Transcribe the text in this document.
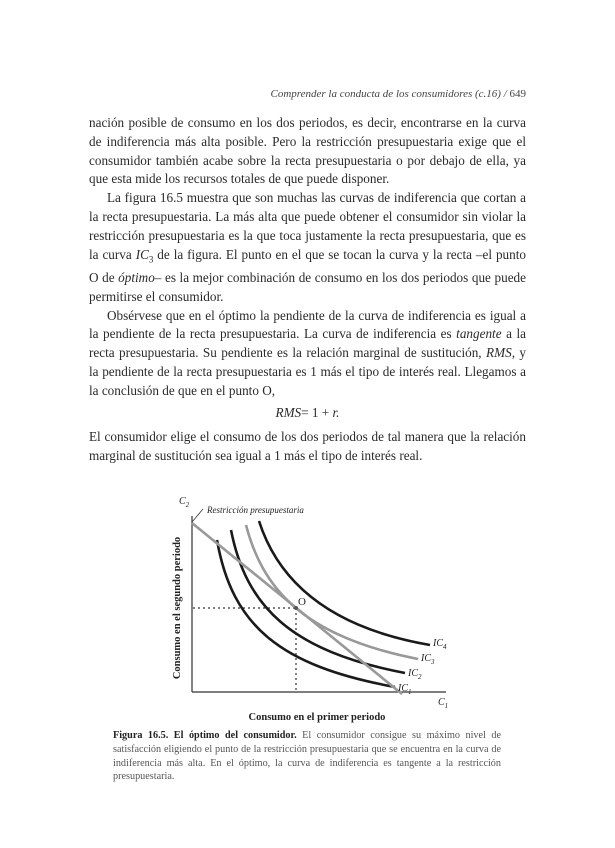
Comprender la conducta de los consumidores (c.16) / 649

nación posible de consumo en los dos periodos, es decir, encontrarse en la curva de indiferencia más alta posible. Pero la restricción presupuestaria exige que el consumidor también acabe sobre la recta presupuestaria o por debajo de ella, ya que esta mide los recursos totales de que puede disponer.

La figura 16.5 muestra que son muchas las curvas de indiferencia que cortan a la recta presupuestaria. La más alta que puede obtener el consumidor sin violar la restricción presupuestaria es la que toca justamente la recta presupuestaria, que es la curva $IC_3$ de la figura. El punto en el que se tocan la curva y la recta –el punto O de óptimo– es la mejor combinación de consumo en los dos periodos que puede permitirse el consumidor.

Obsérvese que en el óptimo la pendiente de la curva de indiferencia es igual a la pendiente de la recta presupuestaria. La curva de indiferencia es tangente a la recta presupuestaria. Su pendiente es la relación marginal de sustitución, RMS, y la pendiente de la recta presupuestaria es 1 más el tipo de interés real. Llegamos a la conclusión de que en el punto O,

RMS= 1 + r.

El consumidor elige el consumo de los dos periodos de tal manera que la relación marginal de sustitución sea igual a 1 más el tipo de interés real.

Restricción presupuestaria
O
$C_2$
$C_1$
Consumo en el primer periodo
Consumo en el segundo periodo
$IC_1$
$IC_2$
$IC_3$
$IC_4$
Figura 16.5. El óptimo del consumidor. El consumidor consigue su máximo nivel de satisfacción eligiendo el punto de la restricción presupuestaria que se encuentra en la curva de indiferencia más alta. En el óptimo, la curva de indiferencia es tangente a la restricción presupuestaria.
